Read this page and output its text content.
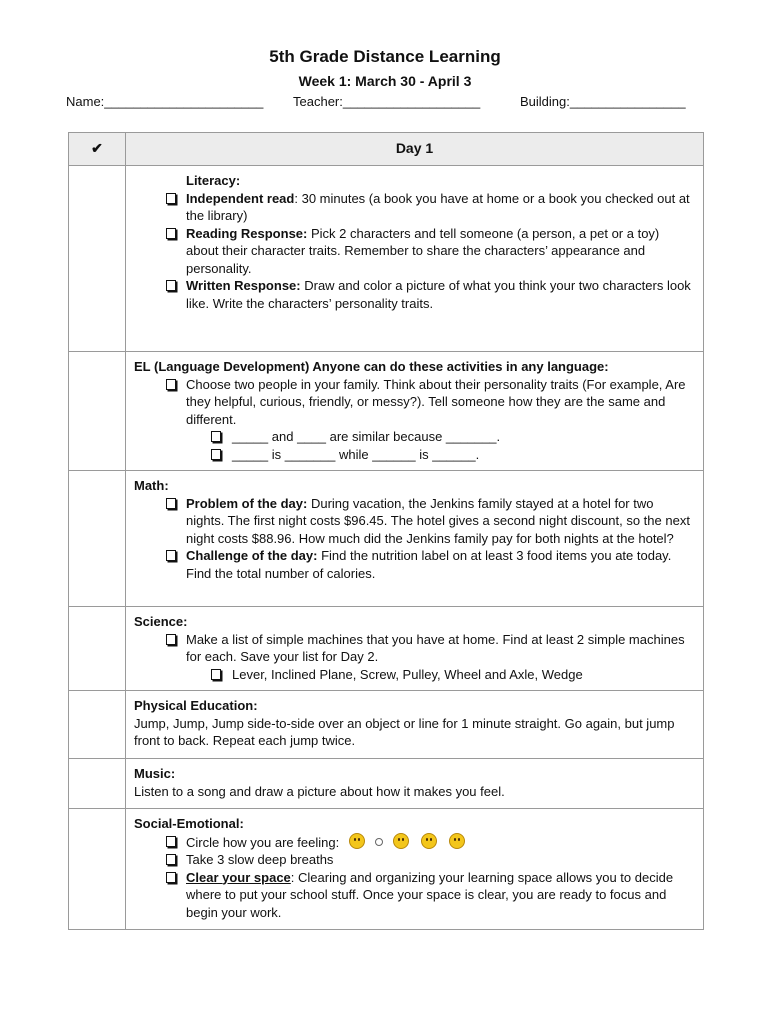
5th Grade Distance Learning
Week 1: March 30 - April 3
Name:______________________ Teacher:___________________	Building:________________
✔	Day 1

	Literacy:
Independent read: 30 minutes (a book you have at home or a book you checked out at the library)
Reading Response: Pick 2 characters and tell someone (a person, a pet or a toy) about their character traits. Remember to share the characters’ appearance and personality.
Written Response: Draw and color a picture of what you think your two characters look like. Write the characters’ personality traits.

	EL (Language Development) Anyone can do these activities in any language:
Choose two people in your family. Think about their personality traits (For example, Are they helpful, curious, friendly, or messy?). Tell someone how they are the same and different.
_____ and ____ are similar because _______.
_____ is _______ while ______ is ______.

	Math:
Problem of the day: During vacation, the Jenkins family stayed at a hotel for two nights. The first night costs $96.45. The hotel gives a second night discount, so the next night costs $88.96. How much did the Jenkins family pay for both nights at the hotel?
Challenge of the day: Find the nutrition label on at least 3 food items you ate today. Find the total number of calories.

	Science:
Make a list of simple machines that you have at home. Find at least 2 simple machines for each. Save your list for Day 2.
Lever, Inclined Plane, Screw, Pulley, Wheel and Axle, Wedge

	Physical Education:
Jump, Jump, Jump side-to-side over an object or line for 1 minute straight. Go again, but jump front to back. Repeat each jump twice.

	Music:
Listen to a song and draw a picture about how it makes you feel.

	Social-Emotional:
Circle how you are feeling:
Take 3 slow deep breaths
Clear your space: Clearing and organizing your learning space allows you to decide where to put your school stuff. Once your space is clear, you are ready to focus and begin your work.
